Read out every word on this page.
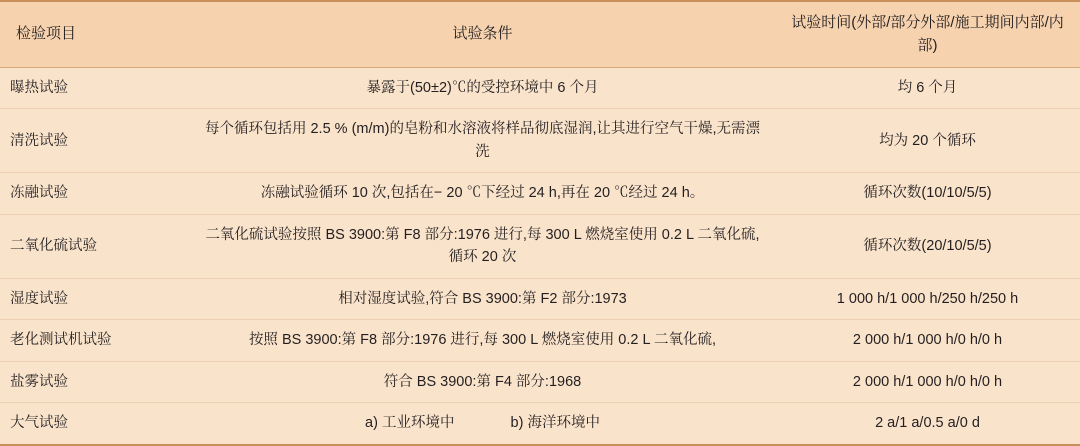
检验项目	试验条件	试验时间(外部/部分外部/施工期间内部/内部)
曝热试验	暴露于(50±2)℃的受控环境中 6 个月	均 6 个月
清洗试验	每个循环包括用 2.5 % (m/m)的皂粉和水溶液将样品彻底湿润,让其进行空气干燥,无需漂洗	均为 20 个循环
冻融试验	冻融试验循环 10 次,包括在− 20 ℃下经过 24 h,再在 20 ℃经过 24 h。	循环次数(10/10/5/5)
二氧化硫试验	二氧化硫试验按照 BS 3900:第 F8 部分:1976 进行,每 300 L 燃烧室使用 0.2 L 二氧化硫,循环 20 次	循环次数(20/10/5/5)
湿度试验	相对湿度试验,符合 BS 3900:第 F2 部分:1973	1 000 h/1 000 h/250 h/250 h
老化测试机试验	按照 BS 3900:第 F8 部分:1976 进行,每 300 L 燃烧室使用 0.2 L 二氧化硫,	2 000 h/1 000 h/0 h/0 h
盐雾试验	符合 BS 3900:第 F4 部分:1968	2 000 h/1 000 h/0 h/0 h
大气试验	a) 工业环境中 b) 海洋环境中	2 a/1 a/0.5 a/0 d
